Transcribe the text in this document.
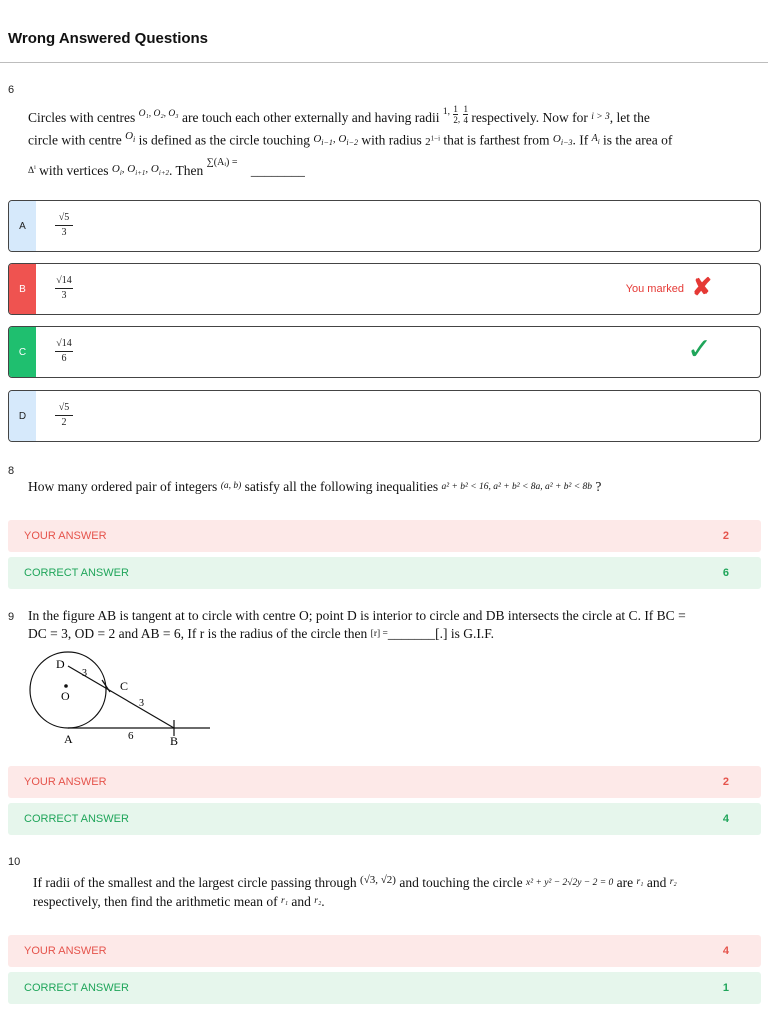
Wrong Answered Questions
6
Circles with centres $^{O_1, O_2, O_3}$ are touch each other externally and having radii $^{1,} \frac{1}{2}$ , $\frac{1}{4}$ respectively. Now for $^{i > 3}$, let the
circle with centre $^{O_i}$ is defined as the circle touching $^{O_{i-1}, O_{i-2}}$ with radius $2^{1-i}$ that is farthest from $^{O_{i-3}}$. If $^{A_i}$ is the area of
$\Delta^i$ with vertices $^{O_i, O_{i+1}, O_{i+2}}$. Then $^{\sum(Aᵢ) =}$ ________
A	$\frac{√5}{3}$
B	$\frac{√14}{3}$	You marked ✘
C	$\frac{√14}{6}$	✓
D	$\frac{√5}{2}$
8
How many ordered pair of integers $^{(a, b)}$ satisfy all the following inequalities a² + b² < 16, a² + b² < 8a, a² + b² < 8b ?
YOUR ANSWER	2
CORRECT ANSWER	6
9 In the figure AB is tangent at to circle with centre O; point D is interior to circle and DB intersects the circle at C. If BC =
DC = 3, OD = 2 and AB = 6, If r is the radius of the circle then [r] =_______[.] is G.I.F.
D
3
C
O
3
A	6	B
YOUR ANSWER	2
CORRECT ANSWER	4
10
If radii of the smallest and the largest circle passing through $^{(√3, √2)}$ and touching the circle x² + y² − 2√2y − 2 = 0 are $^{r_1}$ and $^{r_2}$
respectively, then find the arithmetic mean of $^{r_1}$ and $^{r_2}$.
YOUR ANSWER	4
CORRECT ANSWER	1
